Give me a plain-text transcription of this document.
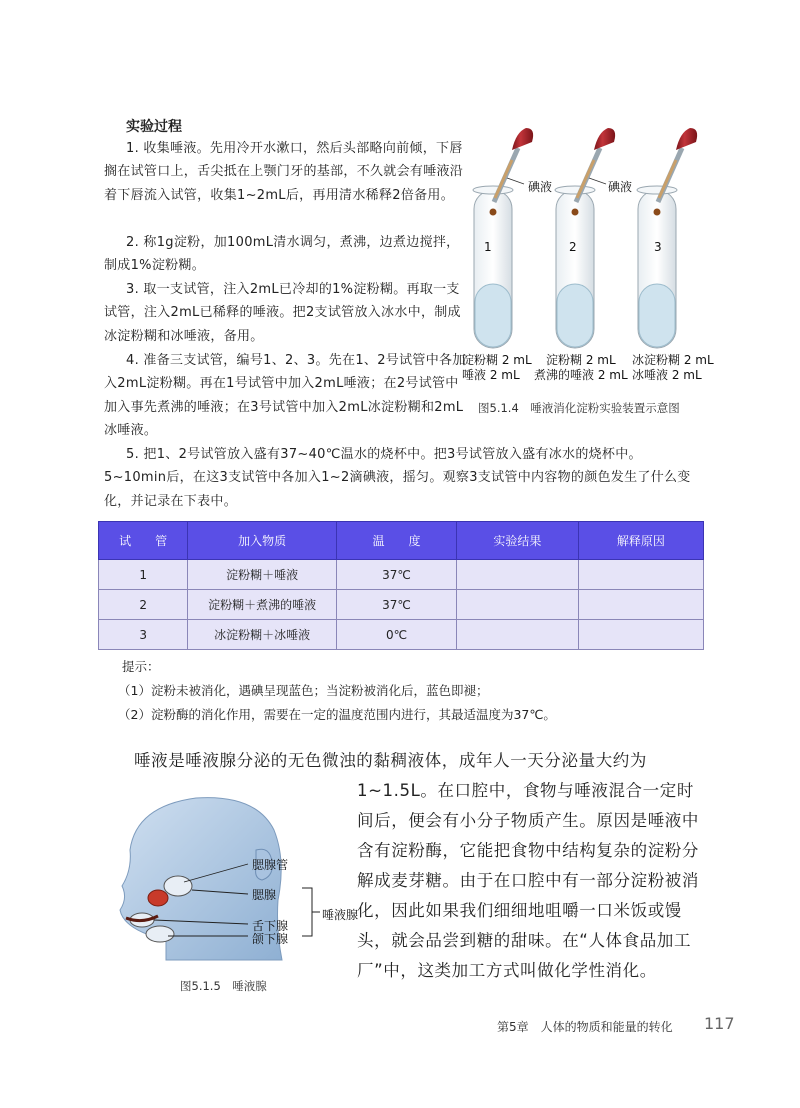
实验过程

1. 收集唾液。先用冷开水漱口，然后头部略向前倾，下唇搁在试管口上，舌尖抵在上颚门牙的基部，不久就会有唾液沿着下唇流入试管，收集1~2mL后，再用清水稀释2倍备用。

2. 称1g淀粉，加100mL清水调匀，煮沸，边煮边搅拌，制成1%淀粉糊。

3. 取一支试管，注入2mL已冷却的1%淀粉糊。再取一支试管，注入2mL已稀释的唾液。把2支试管放入冰水中，制成冰淀粉糊和冰唾液，备用。

4. 准备三支试管，编号1、2、3。先在1、2号试管中各加入2mL淀粉糊。再在1号试管中加入2mL唾液；在2号试管中加入事先煮沸的唾液；在3号试管中加入2mL冰淀粉糊和2mL冰唾液。

5. 把1、2号试管放入盛有37~40℃温水的烧杯中。把3号试管放入盛有冰水的烧杯中。5~10min后，在这3支试管中各加入1~2滴碘液，摇匀。观察3支试管中内容物的颜色发生了什么变化，并记录在下表中。

碘液	碘液
1	2	3
淀粉糊 2 mL
唾液 2 mL
淀粉糊 2 mL
煮沸的唾液 2 mL
冰淀粉糊 2 mL
冰唾液 2 mL
图5.1.4　唾液消化淀粉实验装置示意图
试　　管	加入物质	温　　度	实验结果	解释原因
1	淀粉糊＋唾液	37℃		
2	淀粉糊＋煮沸的唾液	37℃		
3	冰淀粉糊＋冰唾液	0℃		
提示：
（1）淀粉未被消化，遇碘呈现蓝色；当淀粉被消化后，蓝色即褪；
（2）淀粉酶的消化作用，需要在一定的温度范围内进行，其最适温度为37℃。

唾液是唾液腺分泌的无色微浊的黏稠液体，成年人一天分泌量大约为

1~1.5L。在口腔中，食物与唾液混合一定时间后，便会有小分子物质产生。原因是唾液中含有淀粉酶，它能把食物中结构复杂的淀粉分解成麦芽糖。由于在口腔中有一部分淀粉被消化，因此如果我们细细地咀嚼一口米饭或馒头，就会品尝到糖的甜味。在“人体食品加工厂”中，这类加工方式叫做化学性消化。

腮腺管
腮腺
舌下腺
颌下腺
唾液腺
图5.1.5　唾液腺
第5章　人体的物质和能量的转化 117
